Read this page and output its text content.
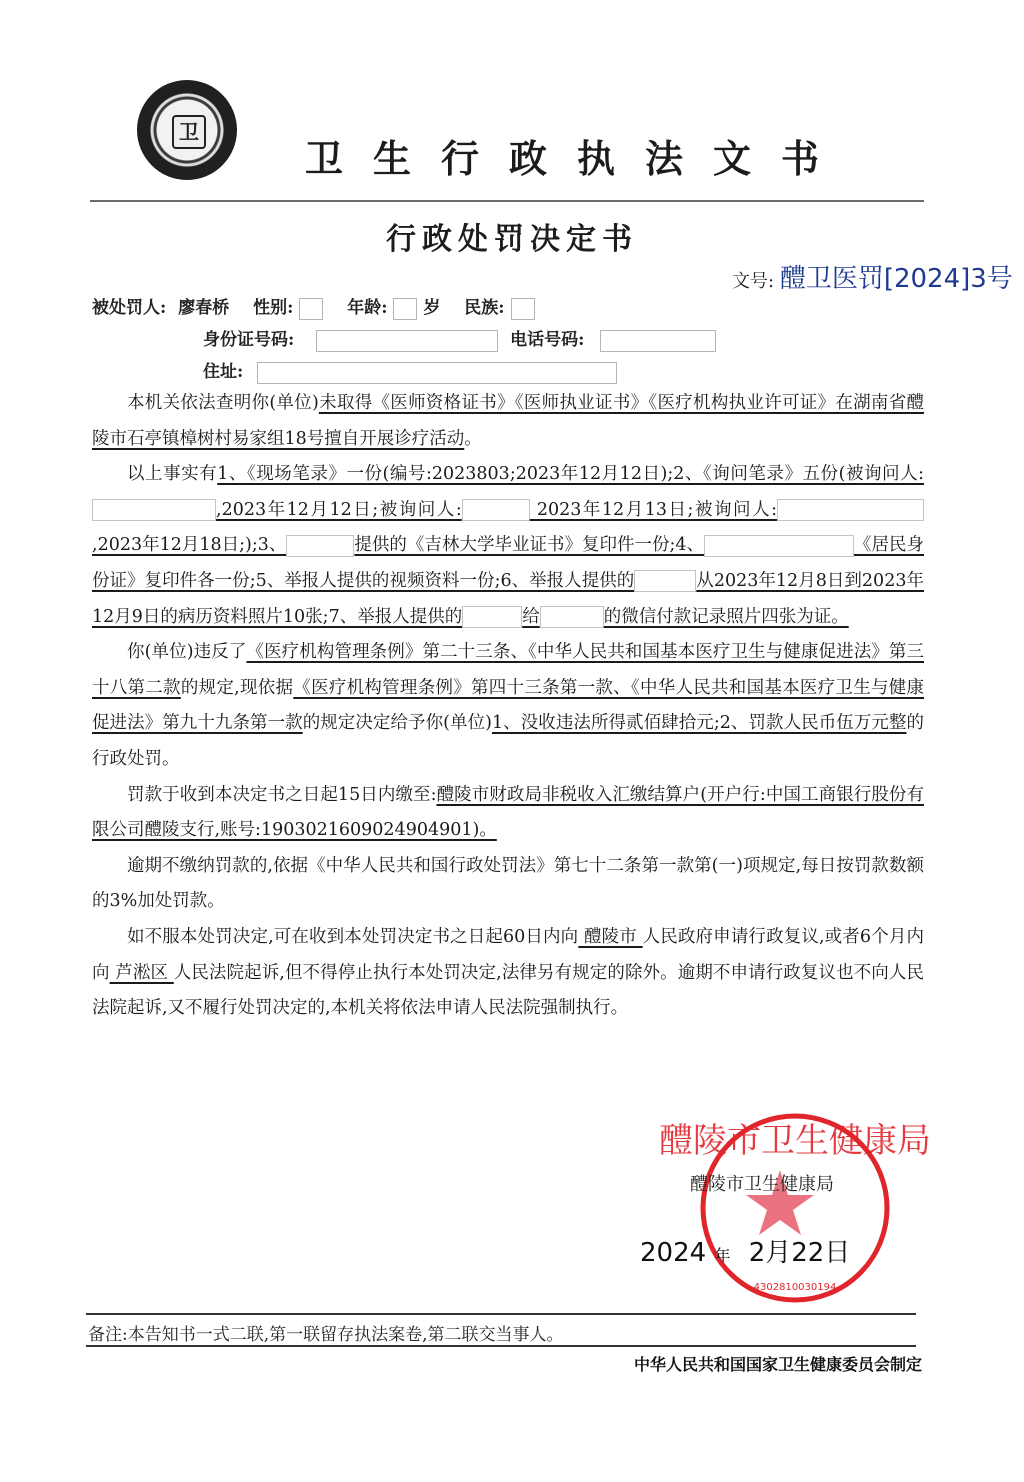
卫
卫生行政执法文书
行政处罚决定书
文号: 醴卫医罚[2024]3号
被处罚人: 廖春桥 性别:	年龄: 岁 民族:
身份证号码:	电话号码:
住址:

本机关依法查明你(单位)未取得《医师资格证书》《医师执业证书》《医疗机构执业许可证》在湖南省醴陵市石亭镇樟树村易家组18号擅自开展诊疗活动。

以上事实有1、《现场笔录》一份(编号:2023803;2023年12月12日);2、《询问笔录》五份(被询问人:,2023年12月12日;被询问人:	2023年12月13日;被询问人:,2023年12月18日;);3、	提供的《吉林大学毕业证书》复印件一份;4、	《居民身份证》复印件各一份;5、举报人提供的视频资料一份;6、举报人提供的	从2023年12月8日到2023年12月9日的病历资料照片10张;7、举报人提供的	给	的微信付款记录照片四张为证。

你(单位)违反了《医疗机构管理条例》第二十三条、《中华人民共和国基本医疗卫生与健康促进法》第三十八第二款的规定,现依据《医疗机构管理条例》第四十三条第一款、《中华人民共和国基本医疗卫生与健康促进法》第九十九条第一款的规定决定给予你(单位)1、没收违法所得贰佰肆拾元;2、罚款人民币伍万元整的行政处罚。

罚款于收到本决定书之日起15日内缴至:醴陵市财政局非税收入汇缴结算户(开户行:中国工商银行股份有限公司醴陵支行,账号:1903021609024904901)。

逾期不缴纳罚款的,依据《中华人民共和国行政处罚法》第七十二条第一款第(一)项规定,每日按罚款数额的3%加处罚款。

如不服本处罚决定,可在收到本处罚决定书之日起60日内向 醴陵市 人民政府申请行政复议,或者6个月内向 芦淞区 人民法院起诉,但不得停止执行本处罚决定,法律另有规定的除外。逾期不申请行政复议也不向人民法院起诉,又不履行处罚决定的,本机关将依法申请人民法院强制执行。

醴陵市卫生健康局
4302810030194
醴陵市卫生健康局
2024 年 2月22日
备注:本告知书一式二联,第一联留存执法案卷,第二联交当事人。
中华人民共和国国家卫生健康委员会制定
